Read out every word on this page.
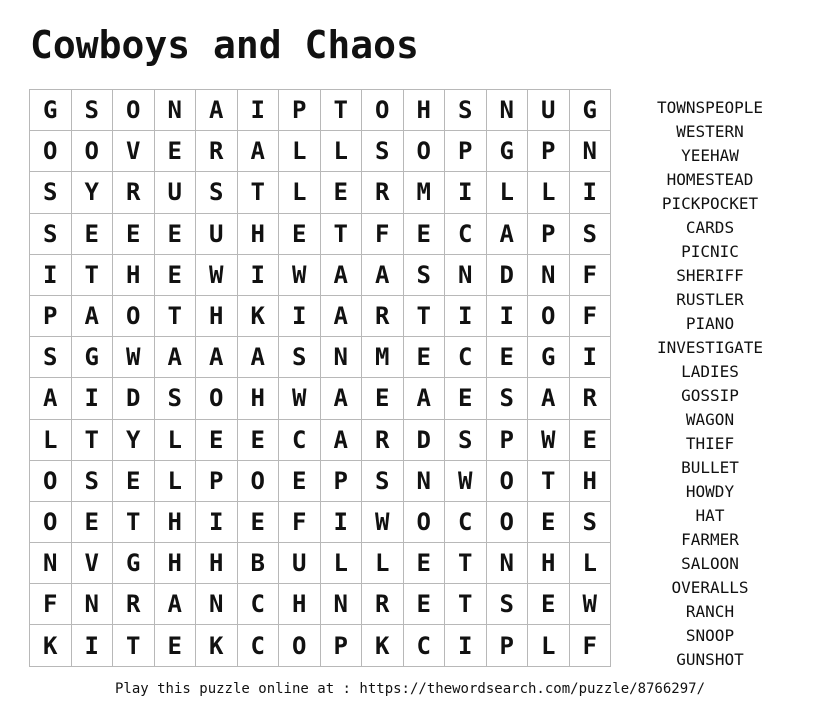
Cowboys and Chaos
G	S	O	N	A	I	P	T	O	H	S	N	U	G
O	O	V	E	R	A	L	L	S	O	P	G	P	N
S	Y	R	U	S	T	L	E	R	M	I	L	L	I
S	E	E	E	U	H	E	T	F	E	C	A	P	S
I	T	H	E	W	I	W	A	A	S	N	D	N	F
P	A	O	T	H	K	I	A	R	T	I	I	O	F
S	G	W	A	A	A	S	N	M	E	C	E	G	I
A	I	D	S	O	H	W	A	E	A	E	S	A	R
L	T	Y	L	E	E	C	A	R	D	S	P	W	E
O	S	E	L	P	O	E	P	S	N	W	O	T	H
O	E	T	H	I	E	F	I	W	O	C	O	E	S
N	V	G	H	H	B	U	L	L	E	T	N	H	L
F	N	R	A	N	C	H	N	R	E	T	S	E	W
K	I	T	E	K	C	O	P	K	C	I	P	L	F
TOWNSPEOPLE
WESTERN
YEEHAW
HOMESTEAD
PICKPOCKET
CARDS
PICNIC
SHERIFF
RUSTLER
PIANO
INVESTIGATE
LADIES
GOSSIP
WAGON
THIEF
BULLET
HOWDY
HAT
FARMER
SALOON
OVERALLS
RANCH
SNOOP
GUNSHOT
Play this puzzle online at : https://thewordsearch.com/puzzle/8766297/
